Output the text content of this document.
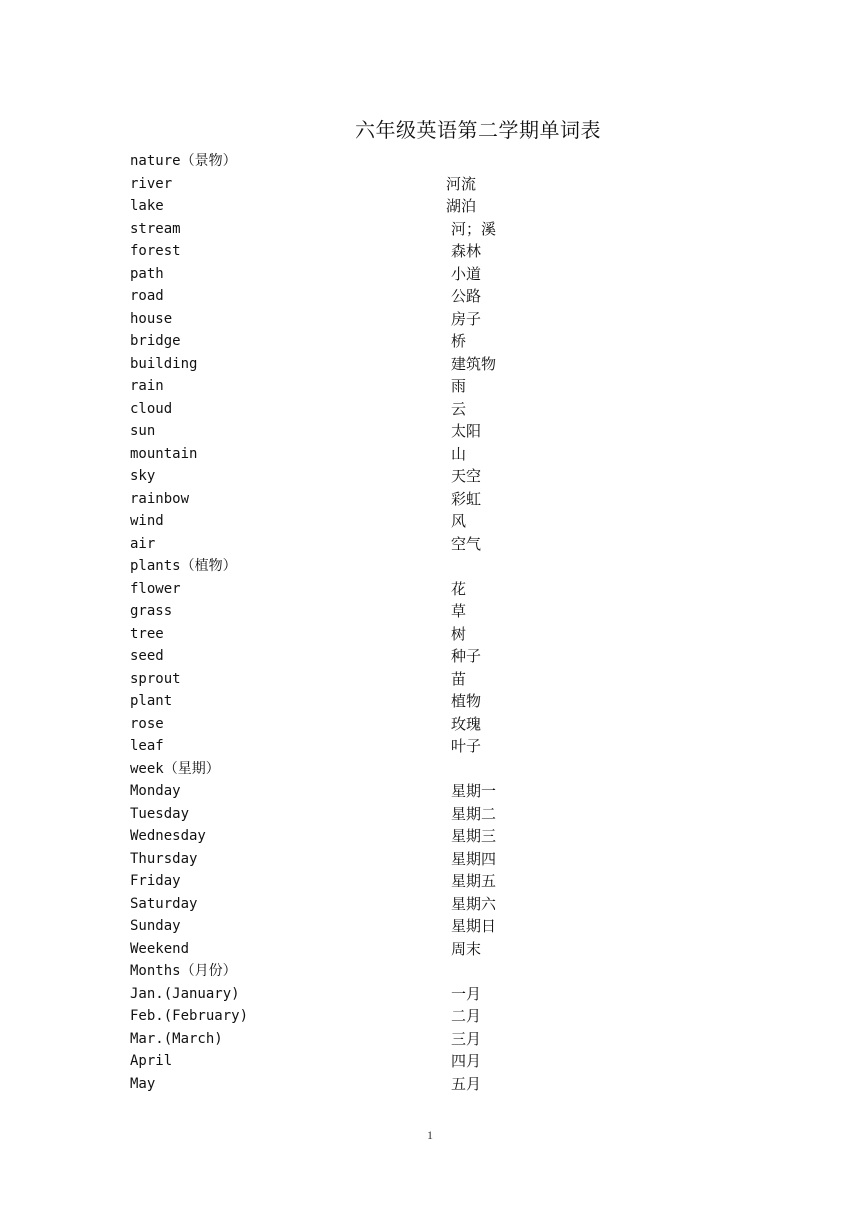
六年级英语第二学期单词表
nature（景物）
river	河流
lake	湖泊
stream	河；溪
forest	森林
path	小道
road	公路
house	房子
bridge	桥
building	建筑物
rain	雨
cloud	云
sun	太阳
mountain	山
sky	天空
rainbow	彩虹
wind	风
air	空气
plants（植物）
flower	花
grass	草
tree	树
seed	种子
sprout	苗
plant	植物
rose	玫瑰
leaf	叶子
week（星期）
Monday	星期一
Tuesday	星期二
Wednesday	星期三
Thursday	星期四
Friday	星期五
Saturday	星期六
Sunday	星期日
Weekend	周末
Months（月份）
Jan.(January)	一月
Feb.(February)	二月
Mar.(March)	三月
April	四月
May	五月
1
